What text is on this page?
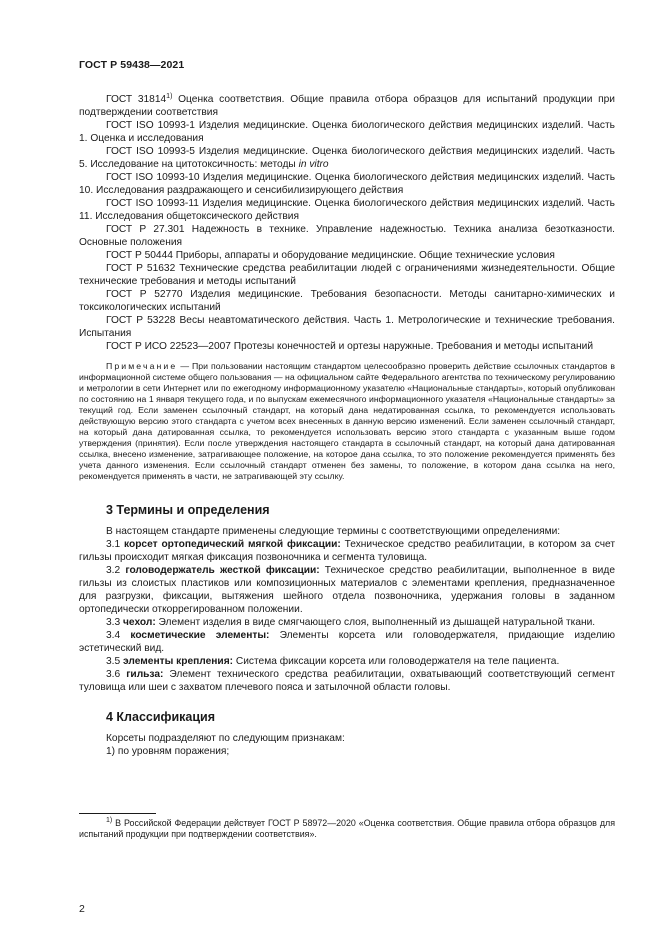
ГОСТ Р 59438—2021

ГОСТ 31814$^{1)}$ Оценка соответствия. Общие правила отбора образцов для испытаний продукции при подтверждении соответствия

ГОСТ ISO 10993-1 Изделия медицинские. Оценка биологического действия медицинских изделий. Часть 1. Оценка и исследования

ГОСТ ISO 10993-5 Изделия медицинские. Оценка биологического действия медицинских изделий. Часть 5. Исследование на цитотоксичность: методы in vitro

ГОСТ ISO 10993-10 Изделия медицинские. Оценка биологического действия медицинских изделий. Часть 10. Исследования раздражающего и сенсибилизирующего действия

ГОСТ ISO 10993-11 Изделия медицинские. Оценка биологического действия медицинских изделий. Часть 11. Исследования общетоксического действия

ГОСТ Р 27.301 Надежность в технике. Управление надежностью. Техника анализа безотказности. Основные положения

ГОСТ Р 50444 Приборы, аппараты и оборудование медицинские. Общие технические условия

ГОСТ Р 51632 Технические средства реабилитации людей с ограничениями жизнедеятельности. Общие технические требования и методы испытаний

ГОСТ Р 52770 Изделия медицинские. Требования безопасности. Методы санитарно-химических и токсикологических испытаний

ГОСТ Р 53228 Весы неавтоматического действия. Часть 1. Метрологические и технические требования. Испытания

ГОСТ Р ИСО 22523—2007 Протезы конечностей и ортезы наружные. Требования и методы испытаний

Примечание — При пользовании настоящим стандартом целесообразно проверить действие ссылочных стандартов в информационной системе общего пользования — на официальном сайте Федерального агентства по техническому регулированию и метрологии в сети Интернет или по ежегодному информационному указателю «Национальные стандарты», который опубликован по состоянию на 1 января текущего года, и по выпускам ежемесячного информационного указателя «Национальные стандарты» за текущий год. Если заменен ссылочный стандарт, на который дана недатированная ссылка, то рекомендуется использовать действующую версию этого стандарта с учетом всех внесенных в данную версию изменений. Если заменен ссылочный стандарт, на который дана датированная ссылка, то рекомендуется использовать версию этого стандарта с указанным выше годом утверждения (принятия). Если после утверждения настоящего стандарта в ссылочный стандарт, на который дана датированная ссылка, внесено изменение, затрагивающее положение, на которое дана ссылка, то это положение рекомендуется применять без учета данного изменения. Если ссылочный стандарт отменен без замены, то положение, в котором дана ссылка на него, рекомендуется применять в части, не затрагивающей эту ссылку.

3 Термины и определения

В настоящем стандарте применены следующие термины с соответствующими определениями:

3.1 корсет ортопедический мягкой фиксации: Техническое средство реабилитации, в котором за счет гильзы происходит мягкая фиксация позвоночника и сегмента туловища.

3.2 головодержатель жесткой фиксации: Техническое средство реабилитации, выполненное в виде гильзы из слоистых пластиков или композиционных материалов с элементами крепления, предназначенное для разгрузки, фиксации, вытяжения шейного отдела позвоночника, удержания головы в заданном ортопедически откоррегированном положении.

3.3 чехол: Элемент изделия в виде смягчающего слоя, выполненный из дышащей натуральной ткани.

3.4 косметические элементы: Элементы корсета или головодержателя, придающие изделию эстетический вид.

3.5 элементы крепления: Система фиксации корсета или головодержателя на теле пациента.

3.6 гильза: Элемент технического средства реабилитации, охватывающий соответствующий сегмент туловища или шеи с захватом плечевого пояса и затылочной области головы.

4 Классификация

Корсеты подразделяют по следующим признакам:

1) по уровням поражения;

$^{1)}$ В Российской Федерации действует ГОСТ Р 58972—2020 «Оценка соответствия. Общие правила отбора образцов для испытаний продукции при подтверждении соответствия».
2
